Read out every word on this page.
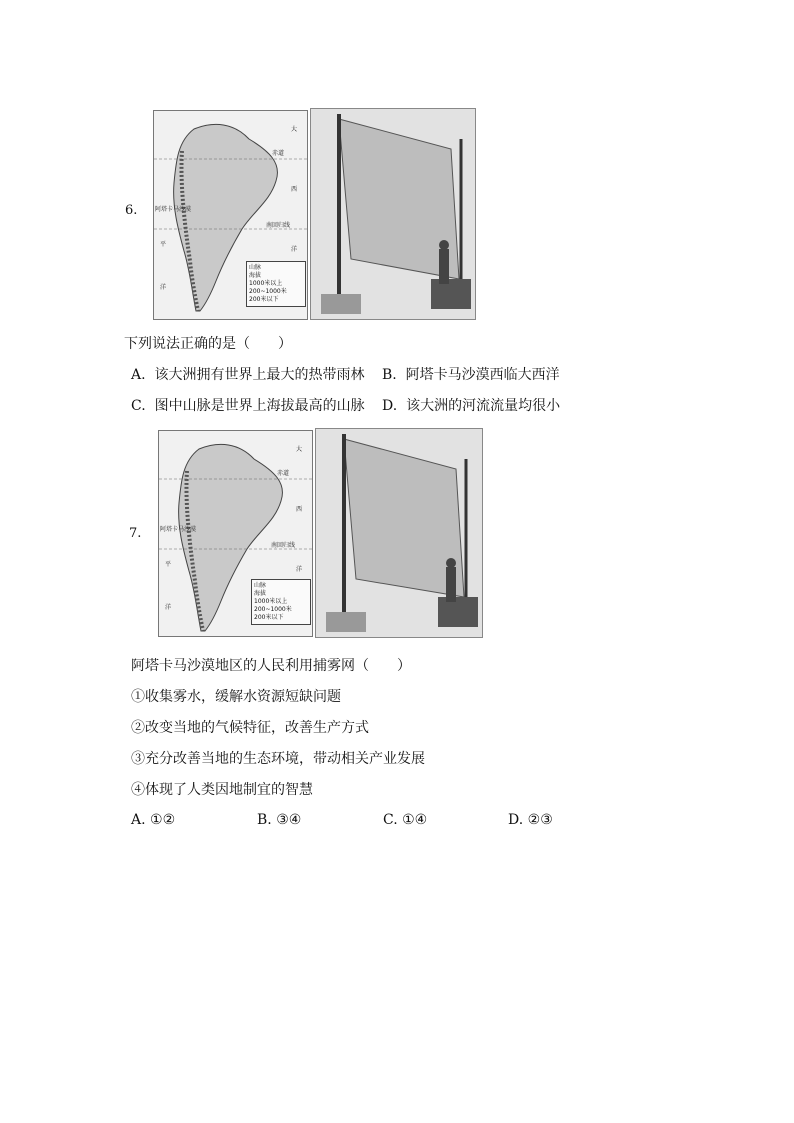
6.
大
赤道
西
洋
阿塔卡马沙漠
南回归线
平
洋
山脉
海拔
1000米以上
200~1000米
200米以下
下列说法正确的是（　　）
A. 该大洲拥有世界上最大的热带雨林 B. 阿塔卡马沙漠西临大西洋
C. 图中山脉是世界上海拔最高的山脉 D. 该大洲的河流流量均很小
7.
大
赤道
西
洋
阿塔卡马沙漠
南回归线
平
洋
山脉
海拔
1000米以上
200~1000米
200米以下
阿塔卡马沙漠地区的人民利用捕雾网（　　）
①收集雾水，缓解水资源短缺问题
②改变当地的气候特征，改善生产方式
③充分改善当地的生态环境，带动相关产业发展
④体现了人类因地制宜的智慧
A. ①②	B. ③④	C. ①④	D. ②③
